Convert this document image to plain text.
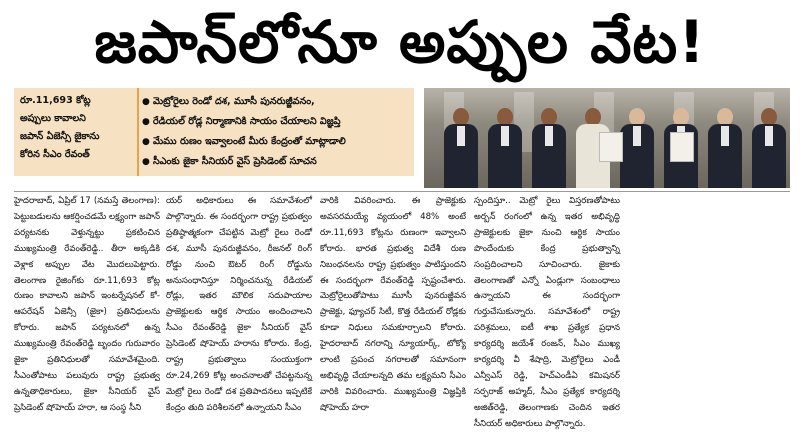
జపాన్‌లోనూ అప్పుల వేట!
రూ.11,693 కోట్ల
అప్పులు కావాలని
జపాన్ ఏజెన్సీ జైకాను
కోరిన సీఎం రేవంత్
● మెట్రోరైలు రెండో దశ, మూసీ పునరుజ్జీవనం,
● రేడియల్ రోడ్ల నిర్మాణానికి సాయం చేయాలని విజ్ఞప్తి
● మేము రుణం ఇవ్వాలంటే మీరు కేంద్రంతో మాట్లాడాలి
● సీఎంకు జైకా సీనియర్ వైస్ ప్రెసిడెంట్ సూచన

హైదరాబాద్, ఏప్రిల్ 17 (నమస్తే తెలంగాణ): పెట్టుబడులను ఆకర్షించడమే లక్ష్యంగా జపాన్ పర్యటనకు వెళ్తున్నట్టు ప్రకటించిన ముఖ్యమంత్రి రేవంత్‌రెడ్డి.. తీరా అక్కడికి వెళ్లాక అప్పుల వేట మొదలుపెట్టారు. తెలంగాణ రైజింగ్‌కు రూ.11,693 కోట్ల రుణం కావాలని జపాన్ ఇంటర్నేషనల్ కో-ఆపరేషన్ ఏజెన్సీ (జైకా) ప్రతినిధులను కోరారు. జపాన్ పర్యటనలో ఉన్న ముఖ్యమంత్రి రేవంత్‌రెడ్డి బృందం గురువారం జైకా ప్రతినిధులతో సమావేశమైంది. సీఎంతోపాటు పలువురు రాష్ట్ర ప్రభుత్వ ఉన్నతాధికారులు, జైకా సీనియర్ వైస్ ప్రెసిడెంట్ షోహెయ్ హరా, ఆ సంస్థ సీని

యర్ అధికారులు ఈ సమావేశంలో పాల్గొన్నారు. ఈ సందర్భంగా రాష్ట్ర ప్రభుత్వం ప్రతిష్ఠాత్మకంగా చేపట్టిన మెట్రో రైలు రెండో దశ, మూసీ పునరుజ్జీవనం, రీజనల్ రింగ్ రోడ్డు నుంచి ఔటర్ రింగ్ రోడ్డును అనుసంధానిస్తూ నిర్మించనున్న రేడియల్ రోడ్లు, ఇతర మౌలిక సదుపాయాల ప్రాజెక్టులకు ఆర్థిక సాయం అందించాలని సీఎం రేవంత్‌రెడ్డి జైకా సీనియర్ వైస్ ప్రెసిడెంట్ షోహెయ్ హరాను కోరారు. కేంద్ర, రాష్ట్ర ప్రభుత్వాలు సంయుక్తంగా రూ.24,269 కోట్ల అంచనాలతో చేపట్టనున్న మెట్రో రైలు రెండో దశ ప్రతిపాదనలు ఇప్పటికే కేంద్రం తుది పరిశీలనలో ఉన్నాయని సీఎం

వారికి వివరించారు. ఈ ప్రాజెక్టుకు అవసరమయ్యే వ్యయంలో 48% అంటే రూ.11,693 కోట్లను రుణంగా ఇవ్వాలని కోరారు. భారత ప్రభుత్వ విదేశీ రుణ నిబంధనలను రాష్ట్ర ప్రభుత్వం పాటిస్తుందని ఈ సందర్భంగా రేవంత్‌రెడ్డి స్పష్టంచేశారు. మెట్రోరైలుతోపాటు మూసీ పునరుజ్జీవన ప్రాజెక్టు, ఫ్యూచర్ సిటీ, కొత్త రేడియల్ రోడ్లకు కూడా నిధులు సమకూర్చాలని కోరారు. హైదరాబాద్ నగరాన్ని న్యూయార్క్, టోక్యో లాంటి ప్రపంచ నగరాలతో సమానంగా అభివృద్ధి చేయాలన్నది తమ లక్ష్యమని సీఎం వారికి వివరించారు. ముఖ్యమంత్రి విజ్ఞప్తికి షోహెయ్ హరా

స్పందిస్తూ.. మెట్రో రైలు విస్తరణతోపాటు అర్బన్ రంగంలో ఉన్న ఇతర అభివృద్ధి ప్రాజెక్టులకు జైకా నుంచి ఆర్థిక సాయం పొందేందుకు కేంద్ర ప్రభుత్వాన్ని సంప్రదించాలని సూచించారు. జైకాకు తెలంగాణతో ఎన్నో ఏండ్లుగా సంబంధాలు ఉన్నాయని ఈ సందర్భంగా గుర్తుచేసుకున్నారు. సమావేశంలో రాష్ట్ర పరిశ్రమలు, ఐటీ శాఖ ప్రత్యేక ప్రధాన కార్యదర్శి జయేశ్ రంజన్, సీఎం ముఖ్య కార్యదర్శి వీ శేషాద్రి, మెట్రోరైలు ఎండీ ఎన్వీఎస్ రెడ్డి, హెచ్ఎండీఏ కమిషనర్ సర్ఫరాజ్ అహ్మద్, సీఎం ప్రత్యేక కార్యదర్శి అజిత్‌రెడ్డి, తెలంగాణకు చెందిన ఇతర సీనియర్ అధికారులు పాల్గొన్నారు.
